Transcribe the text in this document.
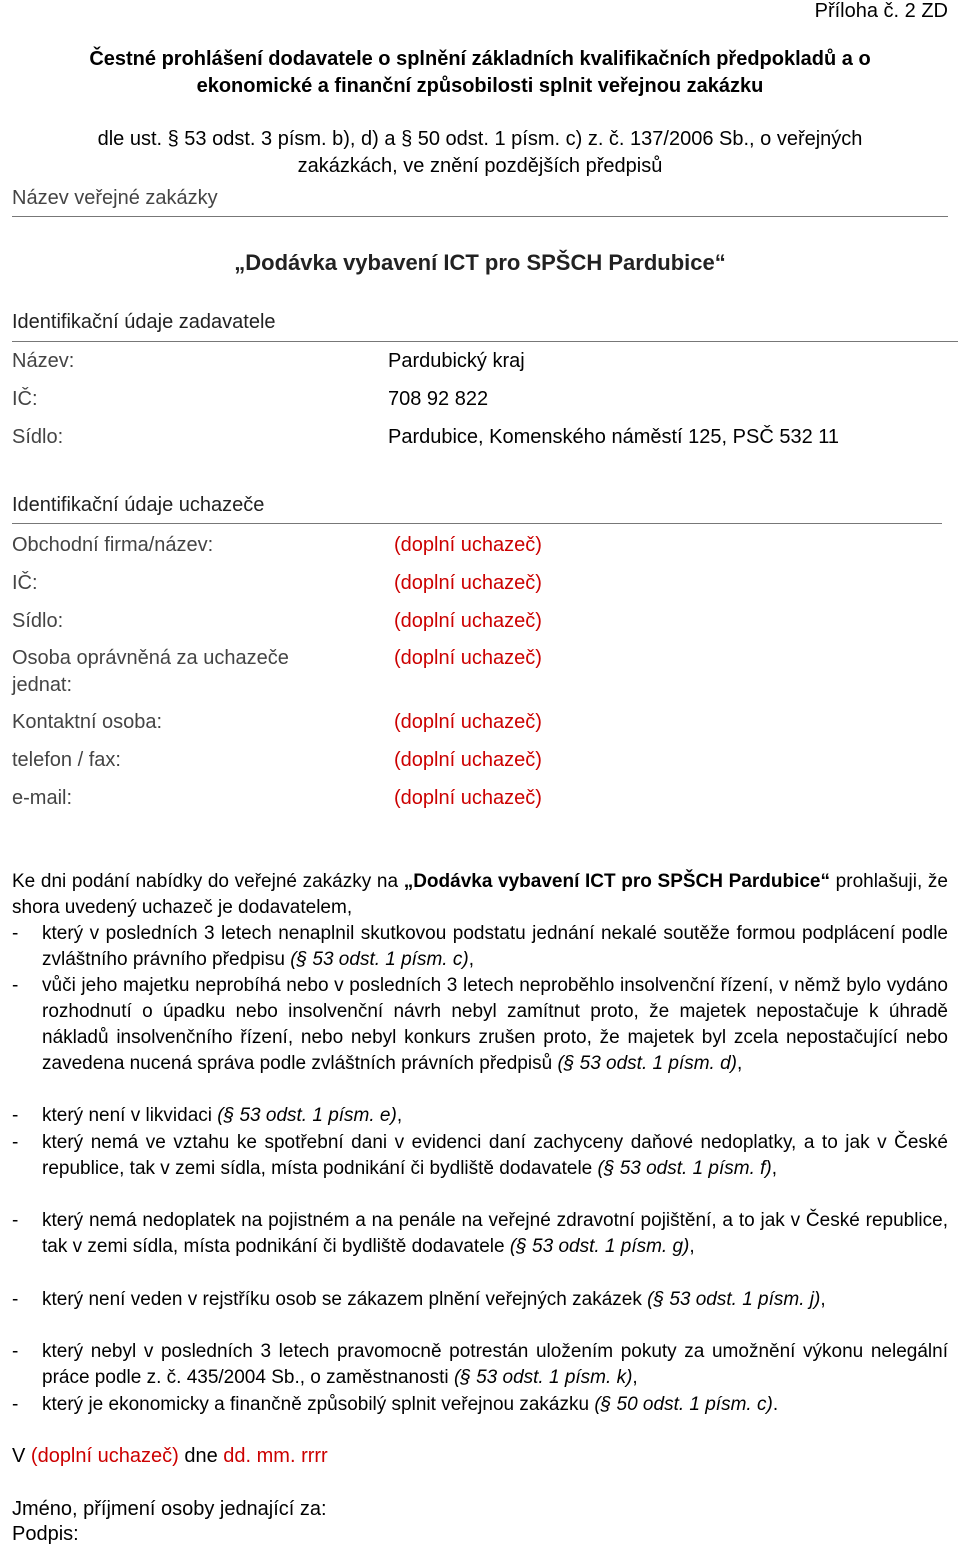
Příloha č. 2 ZD
Čestné prohlášení dodavatele o splnění základních kvalifikačních předpokladů a o
ekonomické a finanční způsobilosti splnit veřejnou zakázku
dle ust. § 53 odst. 3 písm. b), d) a § 50 odst. 1 písm. c) z. č. 137/2006 Sb., o veřejných
zakázkách, ve znění pozdějších předpisů
Název veřejné zakázky
„Dodávka vybavení ICT pro SPŠCH Pardubice“
Identifikační údaje zadavatele
Název:	Pardubický kraj
IČ:	708 92 822
Sídlo:	Pardubice, Komenského náměstí 125, PSČ 532 11
Identifikační údaje uchazeče
Obchodní firma/název:	(doplní uchazeč)
IČ:	(doplní uchazeč)
Sídlo:	(doplní uchazeč)
Osoba oprávněná za uchazeče
jednat:
(doplní uchazeč)
Kontaktní osoba:	(doplní uchazeč)
telefon / fax:	(doplní uchazeč)
e-mail:	(doplní uchazeč)
Ke dni podání nabídky do veřejné zakázky na „Dodávka vybavení ICT pro SPŠCH Pardubice“ prohlašuji, že shora uvedený uchazeč je dodavatelem,
- který v posledních 3 letech nenaplnil skutkovou podstatu jednání nekalé soutěže formou podplácení podle zvláštního právního předpisu (§ 53 odst. 1 písm. c),
- vůči jeho majetku neprobíhá nebo v posledních 3 letech neproběhlo insolvenční řízení, v němž bylo vydáno rozhodnutí o úpadku nebo insolvenční návrh nebyl zamítnut proto, že majetek nepostačuje k úhradě nákladů insolvenčního řízení, nebo nebyl konkurs zrušen proto, že majetek byl zcela nepostačující nebo zavedena nucená správa podle zvláštních právních předpisů (§ 53 odst. 1 písm. d),
- který není v likvidaci (§ 53 odst. 1 písm. e),
- který nemá ve vztahu ke spotřební dani v evidenci daní zachyceny daňové nedoplatky, a to jak v České republice, tak v zemi sídla, místa podnikání či bydliště dodavatele (§ 53 odst. 1 písm. f),
- který nemá nedoplatek na pojistném a na penále na veřejné zdravotní pojištění, a to jak v České republice, tak v zemi sídla, místa podnikání či bydliště dodavatele (§ 53 odst. 1 písm. g),
- který není veden v rejstříku osob se zákazem plnění veřejných zakázek (§ 53 odst. 1 písm. j),
- který nebyl v posledních 3 letech pravomocně potrestán uložením pokuty za umožnění výkonu nelegální práce podle z. č. 435/2004 Sb., o zaměstnanosti (§ 53 odst. 1 písm. k),
- který je ekonomicky a finančně způsobilý splnit veřejnou zakázku (§ 50 odst. 1 písm. c).
V (doplní uchazeč) dne dd. mm. rrrr
Jméno, příjmení osoby jednající za:
Podpis:
